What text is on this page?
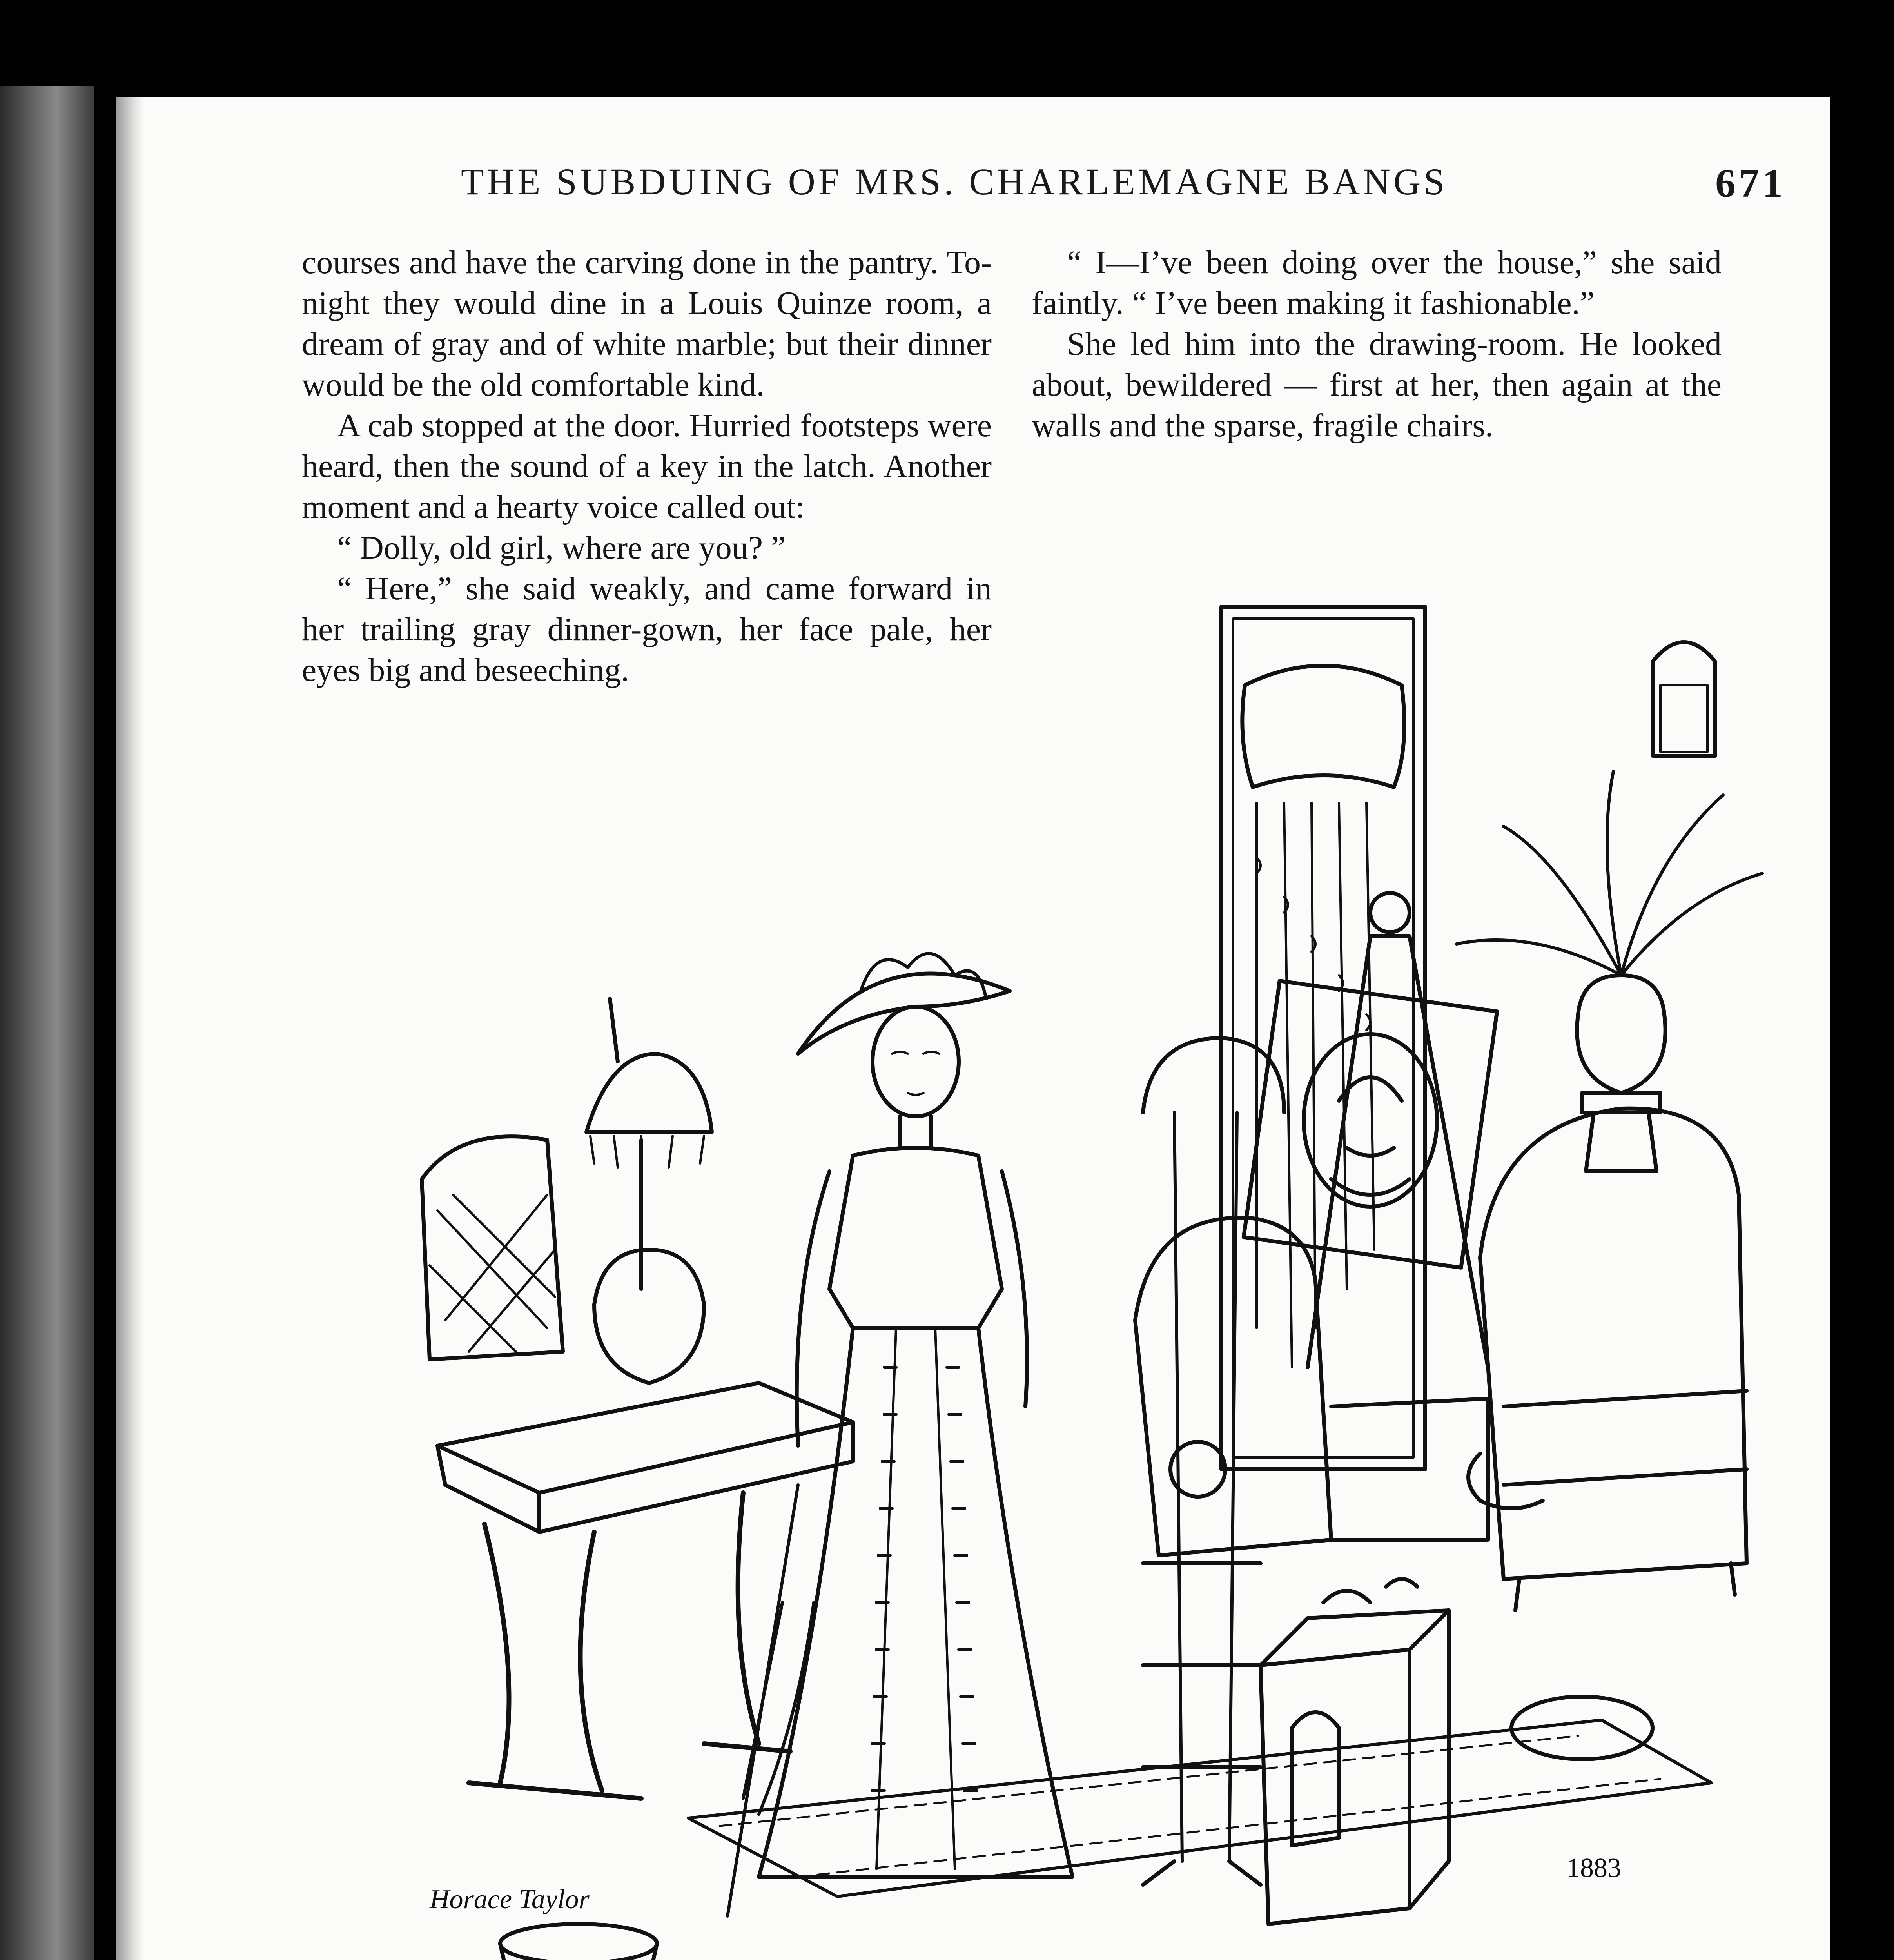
THE SUBDUING OF MRS. CHARLEMAGNE BANGS	671

courses and have the carving done in the pantry. To-night they would dine in a Louis Quinze room, a dream of gray and of white marble; but their dinner would be the old comfortable kind.

A cab stopped at the door. Hurried footsteps were heard, then the sound of a key in the latch. Another moment and a hearty voice called out:

“ Dolly, old girl, where are you? ”

“ Here,” she said weakly, and came forward in her trailing gray dinner-gown, her face pale, her eyes big and beseeching.

“ I—I’ve been doing over the house,” she said faintly. “ I’ve been making it fashionable.”

She led him into the drawing-room. He looked about, bewildered — first at her, then again at the walls and the sparse, fragile chairs.

Horace Taylor
1883
